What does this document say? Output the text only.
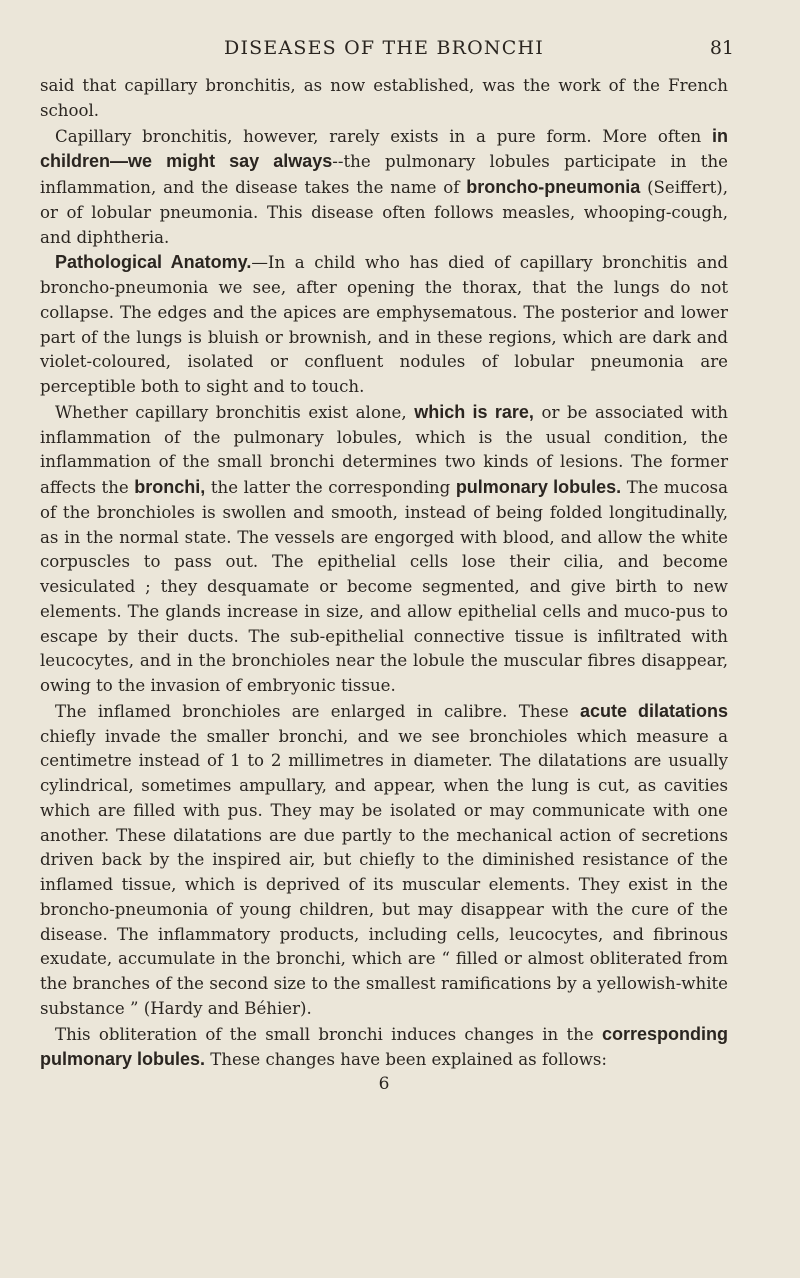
DISEASES OF THE BRONCHI	81

said that capillary bronchitis, as now established, was the work of the French school.

Capillary bronchitis, however, rarely exists in a pure form. More often in children—we might say always--the pulmonary lobules participate in the inflammation, and the disease takes the name of broncho-pneumonia (Seiffert), or of lobular pneumonia. This disease often follows measles, whooping-cough, and diphtheria.

Pathological Anatomy.—In a child who has died of capillary bronchitis and broncho-pneumonia we see, after opening the thorax, that the lungs do not collapse. The edges and the apices are emphysematous. The posterior and lower part of the lungs is bluish or brownish, and in these regions, which are dark and violet-coloured, isolated or confluent nodules of lobular pneumonia are perceptible both to sight and to touch.

Whether capillary bronchitis exist alone, which is rare, or be associated with inflammation of the pulmonary lobules, which is the usual condition, the inflammation of the small bronchi determines two kinds of lesions. The former affects the bronchi, the latter the corresponding pulmonary lobules. The mucosa of the bronchioles is swollen and smooth, instead of being folded longitudinally, as in the normal state. The vessels are engorged with blood, and allow the white corpuscles to pass out. The epithelial cells lose their cilia, and become vesiculated ; they desquamate or become segmented, and give birth to new elements. The glands increase in size, and allow epithelial cells and muco-pus to escape by their ducts. The sub-epithelial connective tissue is infiltrated with leucocytes, and in the bronchioles near the lobule the muscular fibres disappear, owing to the invasion of embryonic tissue.

The inflamed bronchioles are enlarged in calibre. These acute dilatations chiefly invade the smaller bronchi, and we see bronchioles which measure a centimetre instead of 1 to 2 millimetres in diameter. The dilatations are usually cylindrical, sometimes ampullary, and appear, when the lung is cut, as cavities which are filled with pus. They may be isolated or may communicate with one another. These dilatations are due partly to the mechanical action of secretions driven back by the inspired air, but chiefly to the diminished resistance of the inflamed tissue, which is deprived of its muscular elements. They exist in the broncho-pneumonia of young children, but may disappear with the cure of the disease. The inflammatory products, including cells, leucocytes, and fibrinous exudate, accumulate in the bronchi, which are “ filled or almost obliterated from the branches of the second size to the smallest ramifications by a yellowish-white substance ” (Hardy and Béhier).

This obliteration of the small bronchi induces changes in the corresponding pulmonary lobules. These changes have been explained as follows:

6
